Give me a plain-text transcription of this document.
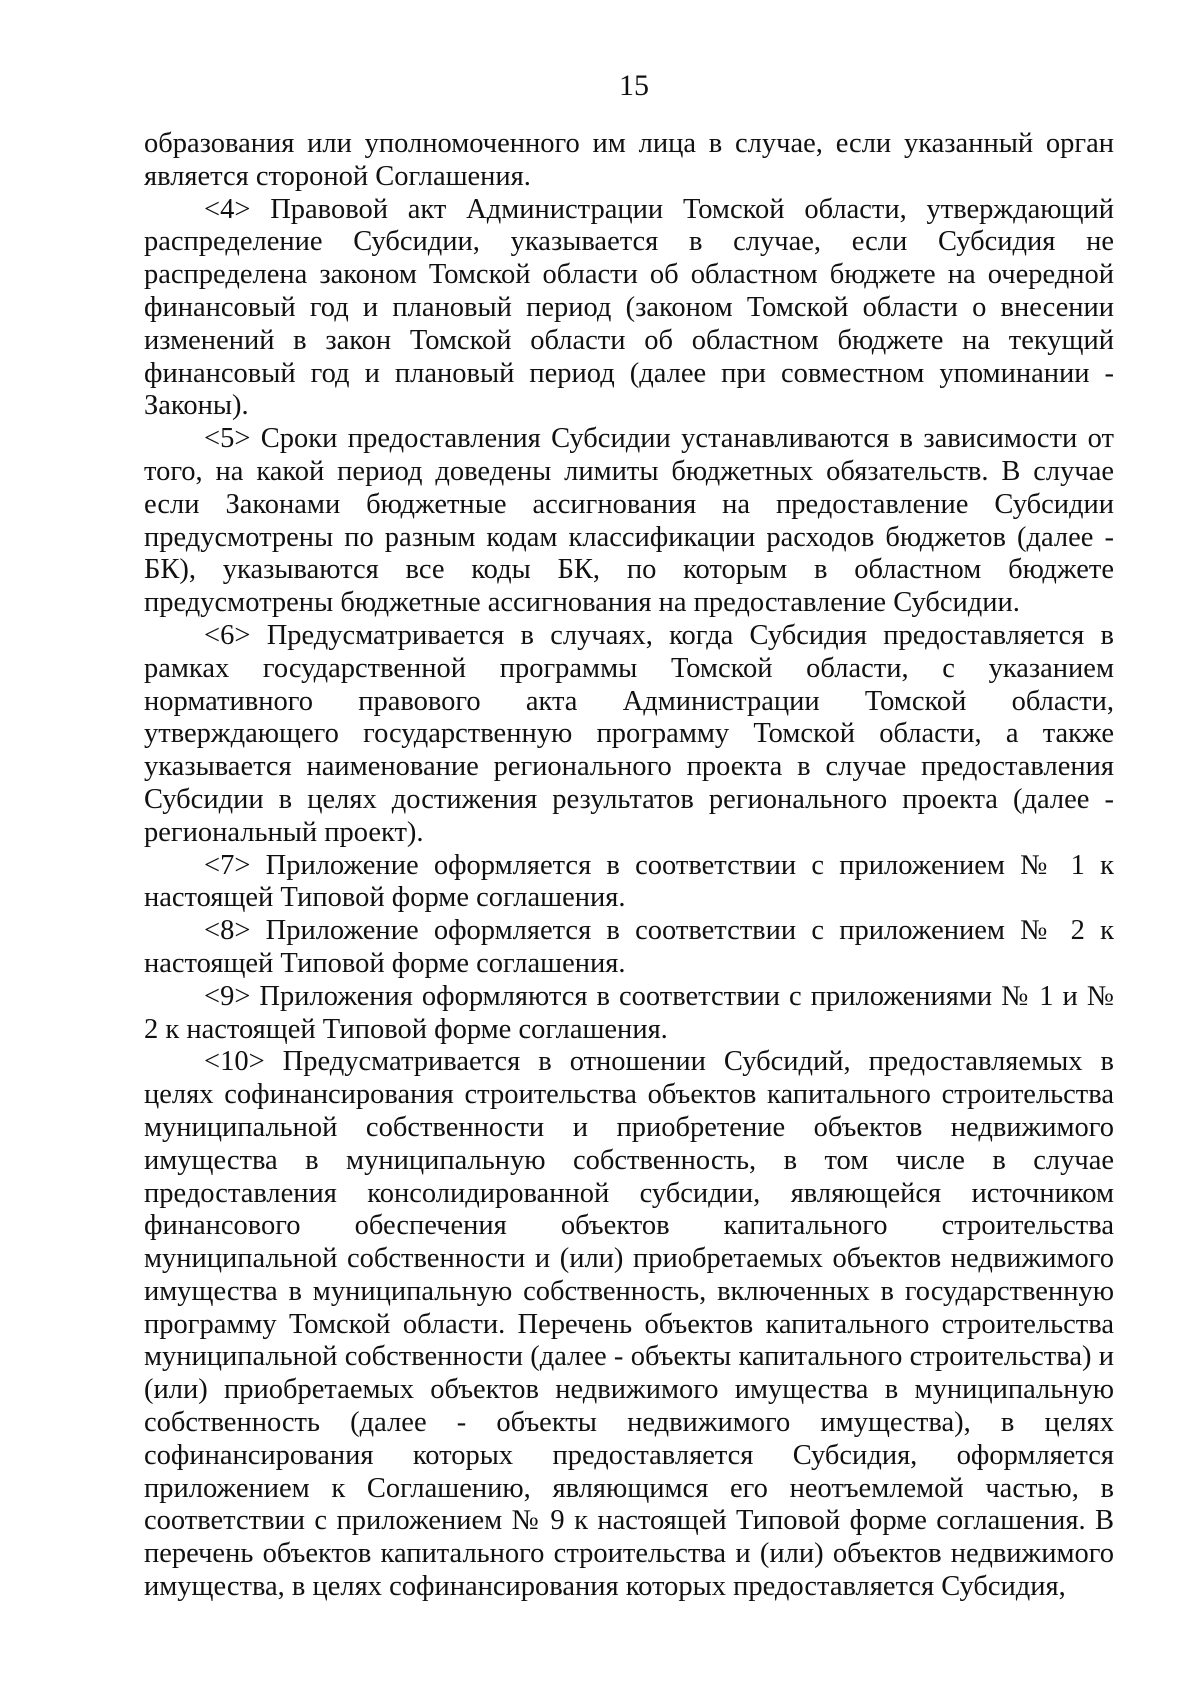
15

образования или уполномоченного им лица в случае, если указанный орган является стороной Соглашения.

<4> Правовой акт Администрации Томской области, утверждающий распределение Субсидии, указывается в случае, если Субсидия не распределена законом Томской области об областном бюджете на очередной финансовый год и плановый период (законом Томской области о внесении изменений в закон Томской области об областном бюджете на текущий финансовый год и плановый период (далее при совместном упоминании - Законы).

<5> Сроки предоставления Субсидии устанавливаются в зависимости от того, на какой период доведены лимиты бюджетных обязательств. В случае если Законами бюджетные ассигнования на предоставление Субсидии предусмотрены по разным кодам классификации расходов бюджетов (далее - БК), указываются все коды БК, по которым в областном бюджете предусмотрены бюджетные ассигнования на предоставление Субсидии.

<6> Предусматривается в случаях, когда Субсидия предоставляется в рамках государственной программы Томской области, с указанием нормативного правового акта Администрации Томской области, утверждающего государственную программу Томской области, а также указывается наименование регионального проекта в случае предоставления Субсидии в целях достижения результатов регионального проекта (далее - региональный проект).

<7> Приложение оформляется в соответствии с приложением № 1 к настоящей Типовой форме соглашения.

<8> Приложение оформляется в соответствии с приложением № 2 к настоящей Типовой форме соглашения.

<9> Приложения оформляются в соответствии с приложениями № 1 и № 2 к настоящей Типовой форме соглашения.

<10> Предусматривается в отношении Субсидий, предоставляемых в целях софинансирования строительства объектов капитального строительства муниципальной собственности и приобретение объектов недвижимого имущества в муниципальную собственность, в том числе в случае предоставления консолидированной субсидии, являющейся источником финансового обеспечения объектов капитального строительства муниципальной собственности и (или) приобретаемых объектов недвижимого имущества в муниципальную собственность, включенных в государственную программу Томской области. Перечень объектов капитального строительства муниципальной собственности (далее - объекты капитального строительства) и (или) приобретаемых объектов недвижимого имущества в муниципальную собственность (далее - объекты недвижимого имущества), в целях софинансирования которых предоставляется Субсидия, оформляется приложением к Соглашению, являющимся его неотъемлемой частью, в соответствии с приложением № 9 к настоящей Типовой форме соглашения. В перечень объектов капитального строительства и (или) объектов недвижимого имущества, в целях софинансирования которых предоставляется Субсидия,
